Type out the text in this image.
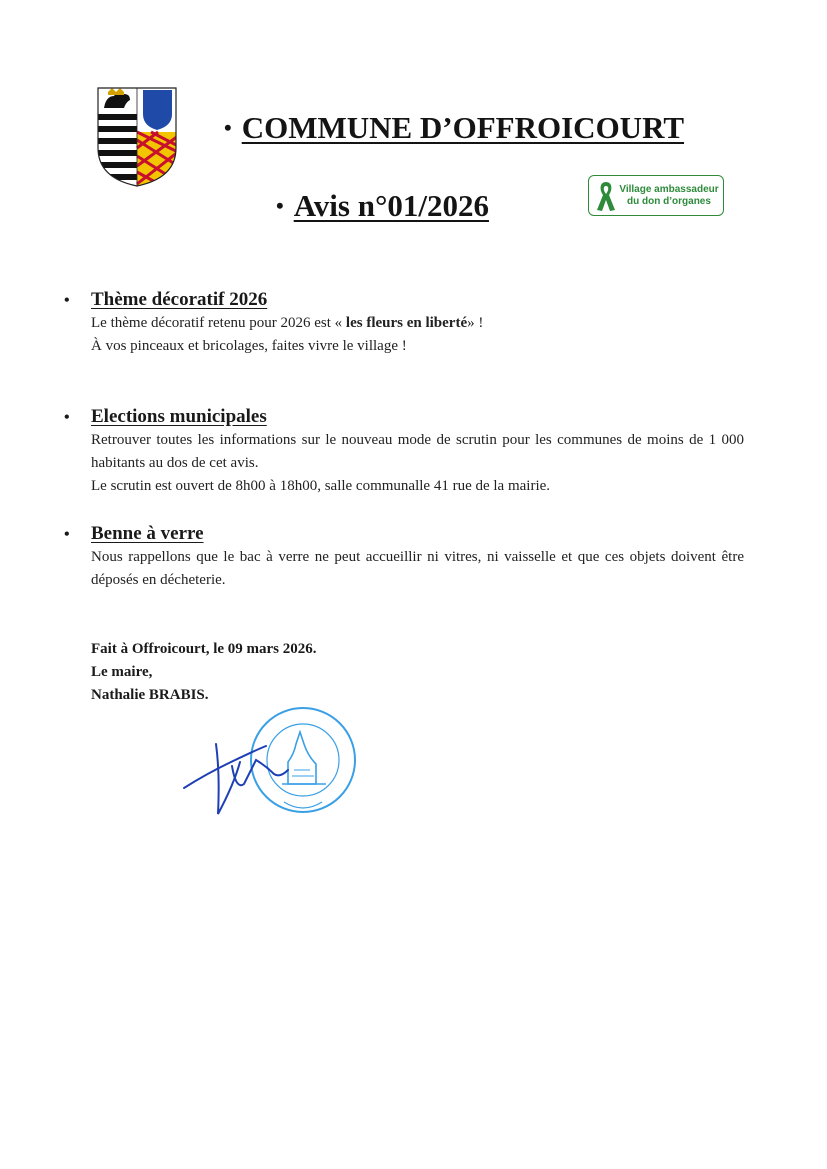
• COMMUNE D’OFFROICOURT
• Avis n°01/2026	Village ambassadeur
du don d’organes
•	Thème décoratif 2026

Le thème décoratif retenu pour 2026 est « les fleurs en liberté» !

À vos pinceaux et bricolages, faites vivre le village !

•	Elections municipales

Retrouver toutes les informations sur le nouveau mode de scrutin pour les communes de moins de 1 000 habitants au dos de cet avis.

Le scrutin est ouvert de 8h00 à 18h00, salle communalle 41 rue de la mairie.

•	Benne à verre

Nous rappellons que le bac à verre ne peut accueillir ni vitres, ni vaisselle et que ces objets doivent être déposés en décheterie.

Fait à Offroicourt, le 09 mars 2026.

Le maire,

Nathalie BRABIS.
